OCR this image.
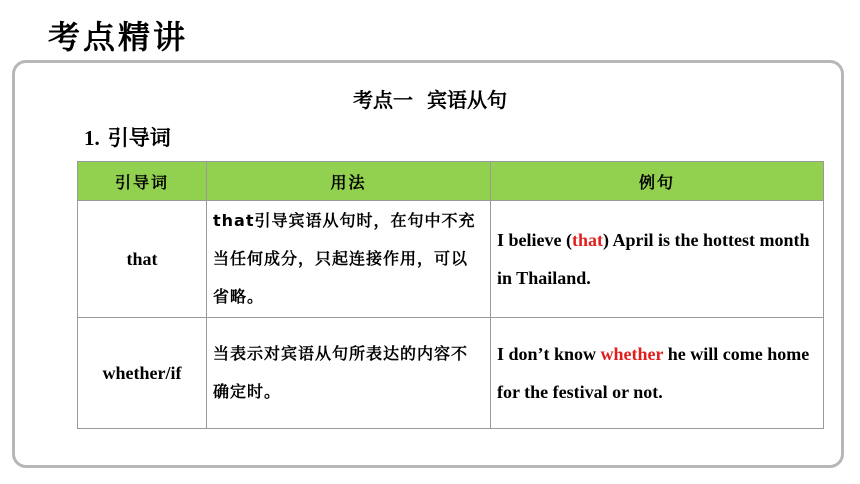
考点精讲
考点一  宾语从句
1. 引导词
引导词	用法	例句
that	that引导宾语从句时，在句中不充当任何成分，只起连接作用，可以省略。	I believe (that) April is the hottest month in Thailand.
whether/if	当表示对宾语从句所表达的内容不确定时。	I don’t know whether he will come home for the festival or not.
